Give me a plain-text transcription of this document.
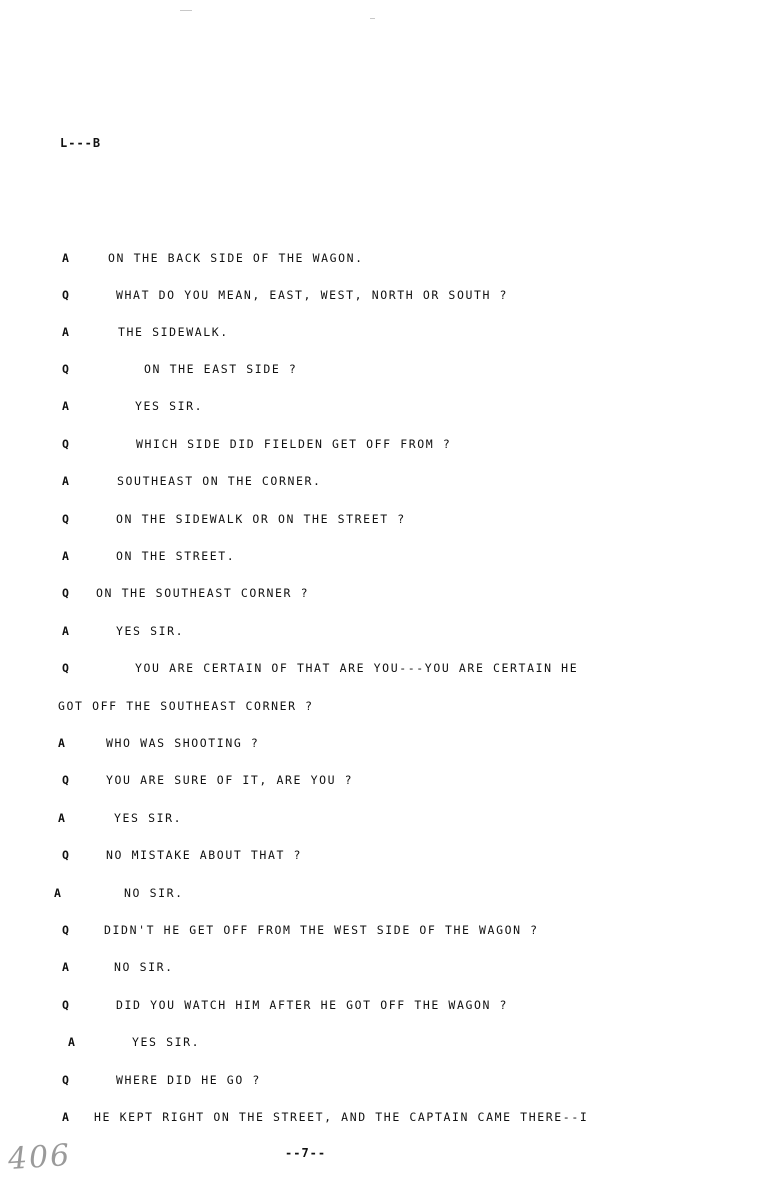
L---B
A	ON THE BACK SIDE OF THE WAGON.
Q	WHAT DO YOU MEAN, EAST, WEST, NORTH OR SOUTH ?
A	THE SIDEWALK.
Q	ON THE EAST SIDE ?
A	YES SIR.
Q	WHICH SIDE DID FIELDEN GET OFF FROM ?
A	SOUTHEAST ON THE CORNER.
Q	ON THE SIDEWALK OR ON THE STREET ?
A	ON THE STREET.
Q ON THE SOUTHEAST CORNER ?
A	YES SIR.
Q	YOU ARE CERTAIN OF THAT ARE YOU---YOU ARE CERTAIN HE
GOT OFF THE SOUTHEAST CORNER ?
A	WHO WAS SHOOTING ?
Q	YOU ARE SURE OF IT, ARE YOU ?
A	YES SIR.
Q	NO MISTAKE ABOUT THAT ?
A	NO SIR.
Q	DIDN'T HE GET OFF FROM THE WEST SIDE OF THE WAGON ?
A	NO SIR.
Q	DID YOU WATCH HIM AFTER HE GOT OFF THE WAGON ?
A	YES SIR.
Q	WHERE DID HE GO ?
A HE KEPT RIGHT ON THE STREET, AND THE CAPTAIN CAME THERE--I
406	--7--
